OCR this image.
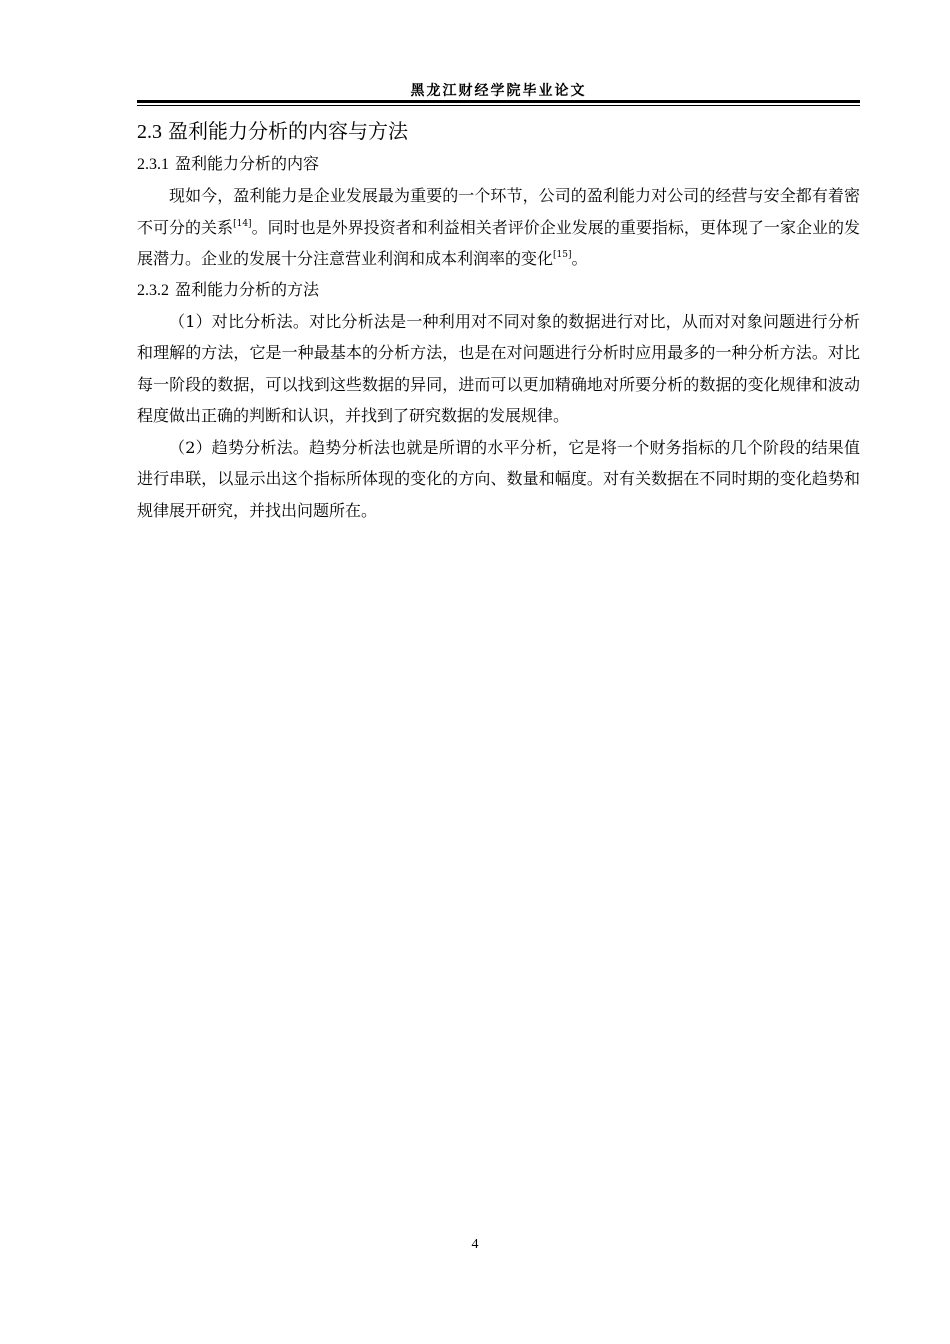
黑龙江财经学院毕业论文
2.3 盈利能力分析的内容与方法
2.3.1 盈利能力分析的内容

现如今，盈利能力是企业发展最为重要的一个环节，公司的盈利能力对公司的经营与安全都有着密不可分的关系[14]。同时也是外界投资者和利益相关者评价企业发展的重要指标，更体现了一家企业的发展潜力。企业的发展十分注意营业利润和成本利润率的变化[15]。

2.3.2 盈利能力分析的方法

（1）对比分析法。对比分析法是一种利用对不同对象的数据进行对比，从而对对象问题进行分析和理解的方法，它是一种最基本的分析方法，也是在对问题进行分析时应用最多的一种分析方法。对比每一阶段的数据，可以找到这些数据的异同，进而可以更加精确地对所要分析的数据的变化规律和波动程度做出正确的判断和认识，并找到了研究数据的发展规律。

（2）趋势分析法。趋势分析法也就是所谓的水平分析，它是将一个财务指标的几个阶段的结果值进行串联，以显示出这个指标所体现的变化的方向、数量和幅度。对有关数据在不同时期的变化趋势和规律展开研究，并找出问题所在。

4
